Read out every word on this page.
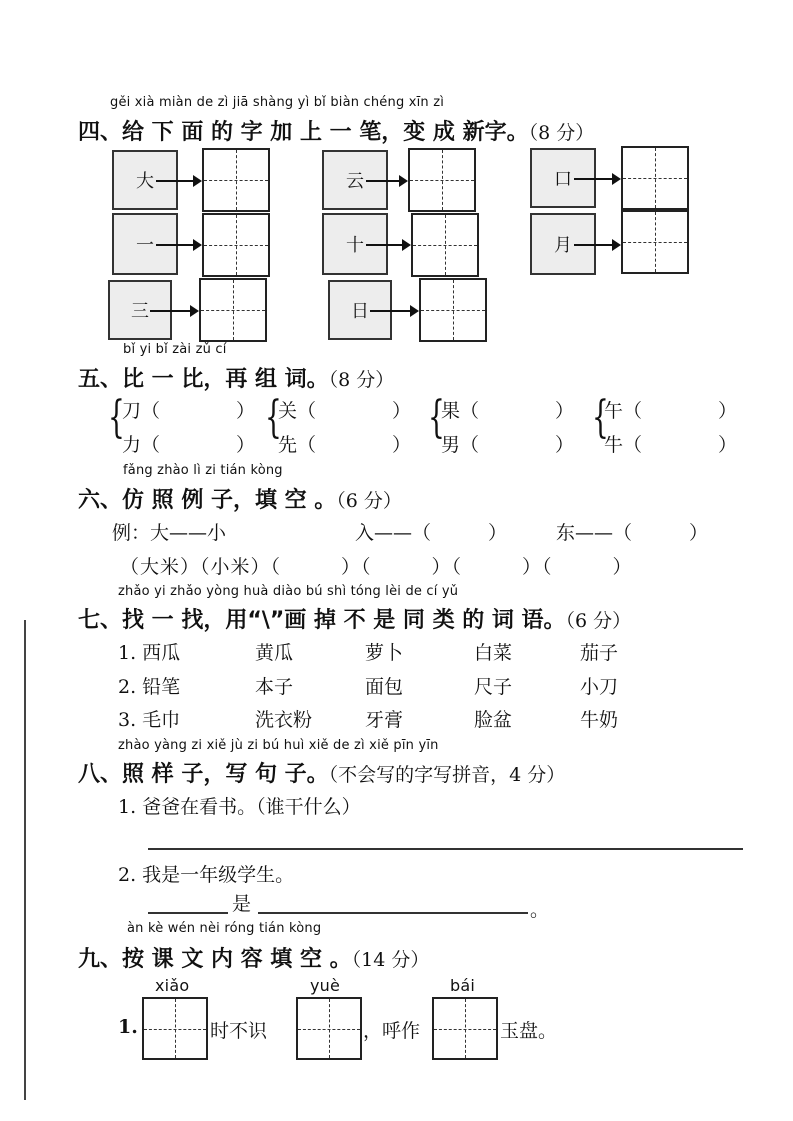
gěi xià miàn de zì jiā shàng yì bǐ biàn chéng xīn zì
四、给 下 面 的 字 加 上 一 笔，变 成 新字。（8 分）
大	云	口
一	十	月
三	日
bǐ yi bǐ zài zǔ cí
五、比 一 比，再 组 词。（8 分）
{
刀（　　　　）
力（　　　　）
{
关（　　　　）
先（　　　　）
{
果（　　　　）
男（　　　　）
{
午（　　　　）
牛（　　　　）
fǎng zhào lì zi tián kòng
六、仿 照 例 子，填 空 。（6 分）
例：大——小	入——（　　　）	东——（　　　）
（大米）（小米）（　　　）（　　　）（　　　）（　　　）
zhǎo yi zhǎo yòng huà diào bú shì tóng lèi de cí yǔ
七、找 一 找，用“\”画 掉 不 是 同 类 的 词 语。（6 分）
1. 西瓜	黄瓜	萝卜	白菜	茄子
2. 铅笔	本子	面包	尺子	小刀
3. 毛巾	洗衣粉	牙膏	脸盆	牛奶
zhào yàng zi xiě jù zi bú huì xiě de zì xiě pīn yīn
八、照 样 子，写 句 子。（不会写的字写拼音，4 分）
1. 爸爸在看书。（谁干什么）
2. 我是一年级学生。
是	。
àn kè wén nèi róng tián kòng
九、按 课 文 内 容 填 空 。（14 分）
xiǎo	yuè	bái
1.	时不识	，呼作	玉盘。
